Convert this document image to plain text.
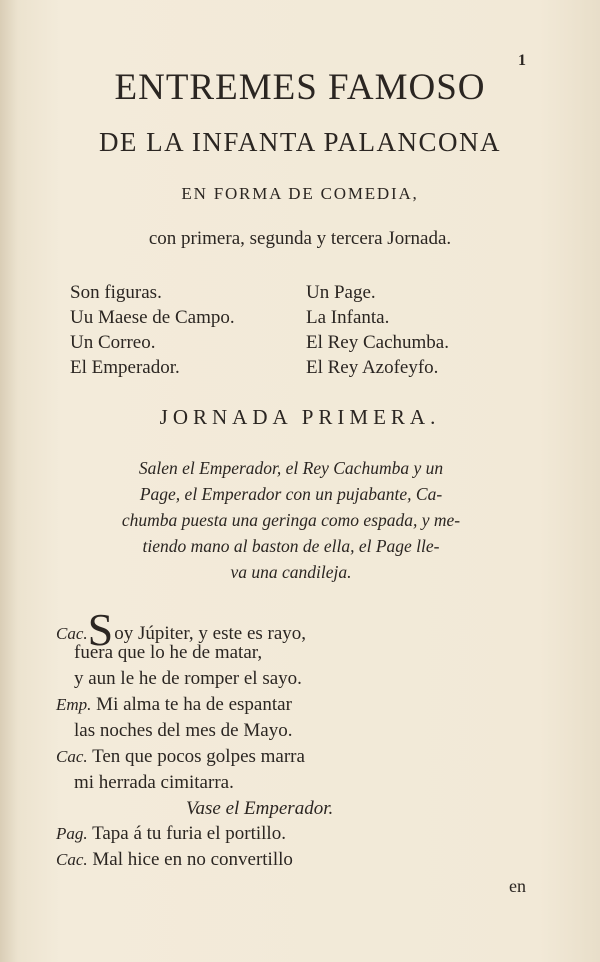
1
ENTREMES FAMOSO
DE LA INFANTA PALANCONA
EN FORMA DE COMEDIA,
con primera, segunda y tercera Jornada.
Son figuras.
Uu Maese de Campo.
Un Correo.
El Emperador.
Un Page.
La Infanta.
El Rey Cachumba.
El Rey Azofeyfo.
JORNADA PRIMERA.
Salen el Emperador, el Rey Cachumba y un
Page, el Emperador con un pujabante, Ca-
chumba puesta una geringa como espada, y me-
tiendo mano al baston de ella, el Page lle-
va una candileja.
Cac.Soy Júpiter, y este es rayo,
fuera que lo he de matar,
y aun le he de romper el sayo.
Emp. Mi alma te ha de espantar
las noches del mes de Mayo.
Cac. Ten que pocos golpes marra
mi herrada cimitarra.
Vase el Emperador.
Pag. Tapa á tu furia el portillo.
Cac. Mal hice en no convertillo
en
